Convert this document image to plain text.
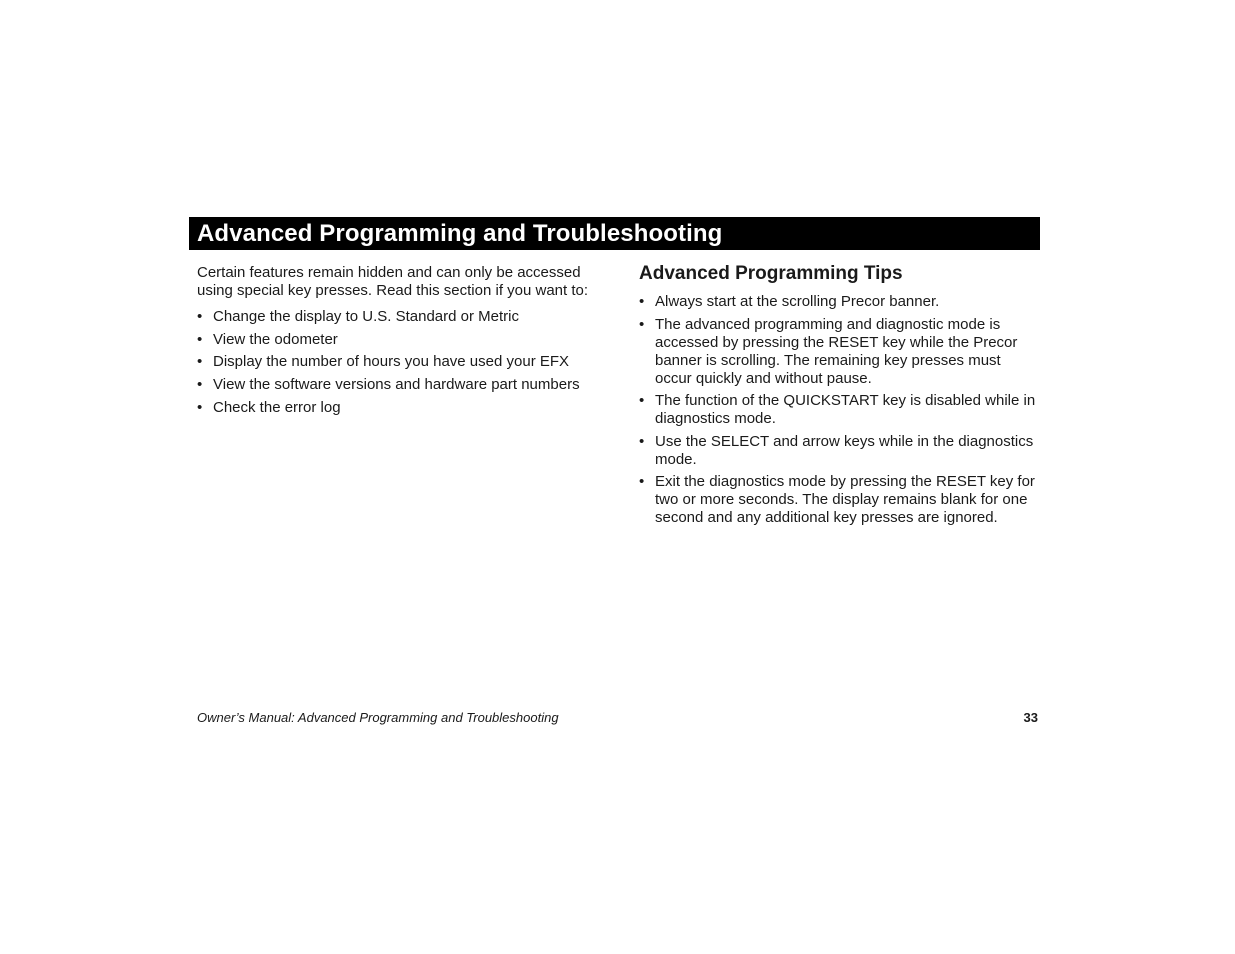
Advanced Programming and Troubleshooting

Certain features remain hidden and can only be accessed using special key presses. Read this section if you want to:

• Change the display to U.S. Standard or Metric
• View the odometer
• Display the number of hours you have used your EFX
• View the software versions and hardware part numbers
• Check the error log
Advanced Programming Tips
• Always start at the scrolling Precor banner.
• The advanced programming and diagnostic mode is accessed by pressing the RESET key while the Precor banner is scrolling. The remaining key presses must occur quickly and without pause.
• The function of the QUICKSTART key is disabled while in diagnostics mode.
• Use the SELECT and arrow keys while in the diagnostics mode.
• Exit the diagnostics mode by pressing the RESET key for two or more seconds. The display remains blank for one second and any additional key presses are ignored.
Owner’s Manual: Advanced Programming and Troubleshooting	33
